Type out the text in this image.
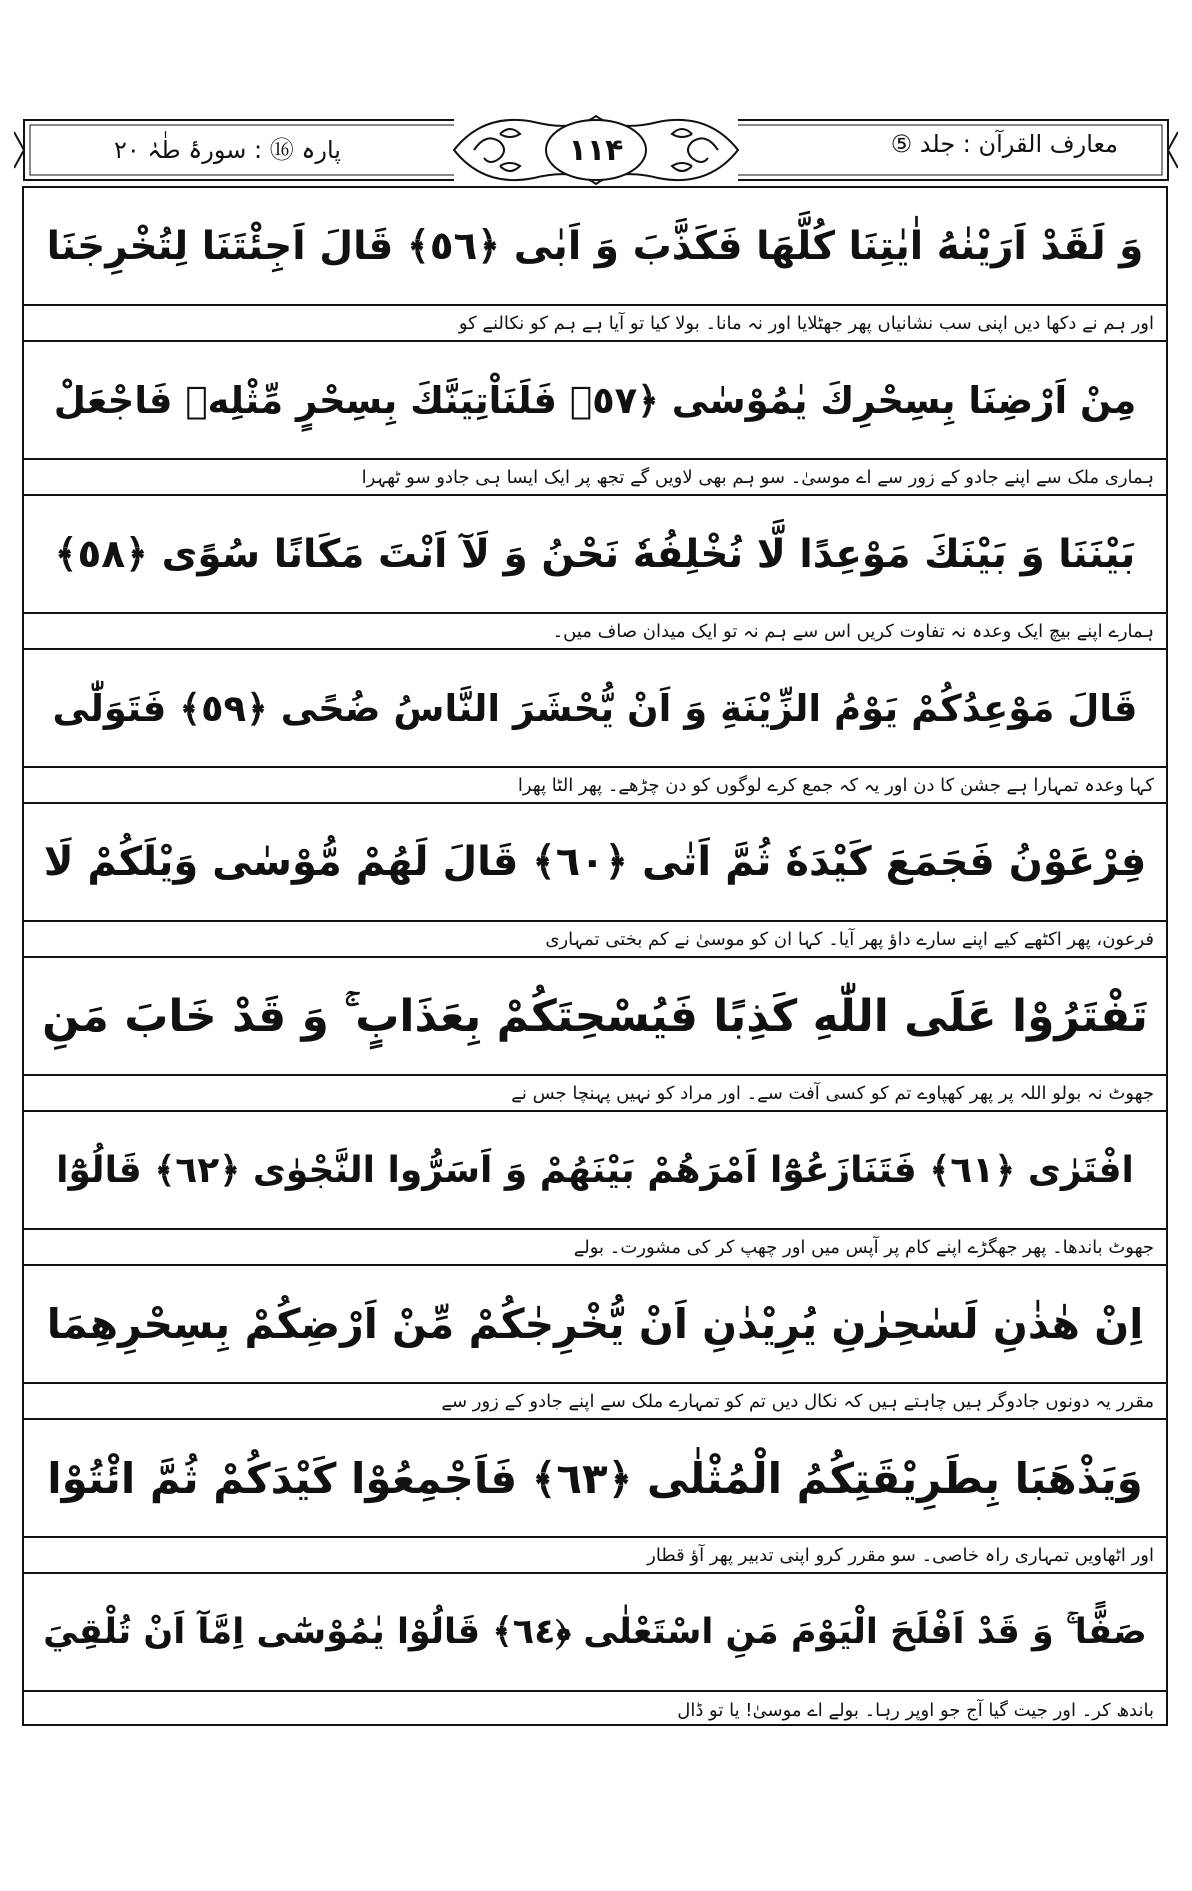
پارہ ⑯ : سورۂ طٰہٰ ۲۰	۱۱۴	معارف القرآن : جلد ⑤
وَ لَقَدْ اَرَيْنٰهُ اٰيٰتِنَا كُلَّهَا فَكَذَّبَ وَ اَبٰى ﴿٥٦﴾ قَالَ اَجِئْتَنَا لِتُخْرِجَنَا
اور ہم نے دکھا دیں اپنی سب نشانیاں پھر جھٹلایا اور نہ مانا۔ بولا کیا تو آیا ہے ہم کو نکالنے کو
مِنْ اَرْضِنَا بِسِحْرِكَ يٰمُوْسٰى ﴿٥٧﴾ فَلَنَاْتِيَنَّكَ بِسِحْرٍ مِّثْلِهٖ فَاجْعَلْ
ہماری ملک سے اپنے جادو کے زور سے اے موسیٰ۔ سو ہم بھی لاویں گے تجھ پر ایک ایسا ہی جادو سو ٹھہرا
بَيْنَنَا وَ بَيْنَكَ مَوْعِدًا لَّا نُخْلِفُهٗ نَحْنُ وَ لَآ اَنْتَ مَكَانًا سُوًى ﴿٥٨﴾
ہمارے اپنے بیچ ایک وعدہ نہ تفاوت کریں اس سے ہم نہ تو ایک میدان صاف میں۔
قَالَ مَوْعِدُكُمْ يَوْمُ الزِّيْنَةِ وَ اَنْ يُّحْشَرَ النَّاسُ ضُحًى ﴿٥٩﴾ فَتَوَلّٰى
کہا وعدہ تمہارا ہے جشن کا دن اور یہ کہ جمع کرے لوگوں کو دن چڑھے۔ پھر الٹا پھرا
فِرْعَوْنُ فَجَمَعَ كَيْدَهٗ ثُمَّ اَتٰى ﴿٦٠﴾ قَالَ لَهُمْ مُّوْسٰى وَيْلَكُمْ لَا
فرعون، پھر اکٹھے کیے اپنے سارے داؤ پھر آیا۔ کہا ان کو موسیٰ نے کم بختی تمہاری
تَفْتَرُوْا عَلَى اللّٰهِ كَذِبًا فَيُسْحِتَكُمْ بِعَذَابٍ ۚ وَ قَدْ خَابَ مَنِ
جھوٹ نہ بولو اللہ پر پھر کھپاوے تم کو کسی آفت سے۔ اور مراد کو نہیں پہنچا جس نے
افْتَرٰى ﴿٦١﴾ فَتَنَازَعُوْٓا اَمْرَهُمْ بَيْنَهُمْ وَ اَسَرُّوا النَّجْوٰى ﴿٦٢﴾ قَالُوْٓا
جھوٹ باندھا۔ پھر جھگڑے اپنے کام پر آپس میں اور چھپ کر کی مشورت۔ بولے
اِنْ هٰذٰنِ لَسٰحِرٰنِ يُرِيْدٰنِ اَنْ يُّخْرِجٰكُمْ مِّنْ اَرْضِكُمْ بِسِحْرِهِمَا
مقرر یہ دونوں جادوگر ہیں چاہتے ہیں کہ نکال دیں تم کو تمہارے ملک سے اپنے جادو کے زور سے
وَيَذْهَبَا بِطَرِيْقَتِكُمُ الْمُثْلٰى ﴿٦٣﴾ فَاَجْمِعُوْا كَيْدَكُمْ ثُمَّ ائْتُوْا
اور اٹھاویں تمہاری راہ خاصی۔ سو مقرر کرو اپنی تدبیر پھر آؤ قطار
صَفًّا ۚ وَ قَدْ اَفْلَحَ الْيَوْمَ مَنِ اسْتَعْلٰى ﴿٦٤﴾ قَالُوْا يٰمُوْسٰٓى اِمَّآ اَنْ تُلْقِيَ
باندھ کر۔ اور جیت گیا آج جو اوپر رہا۔ بولے اے موسیٰ! یا تو ڈال
